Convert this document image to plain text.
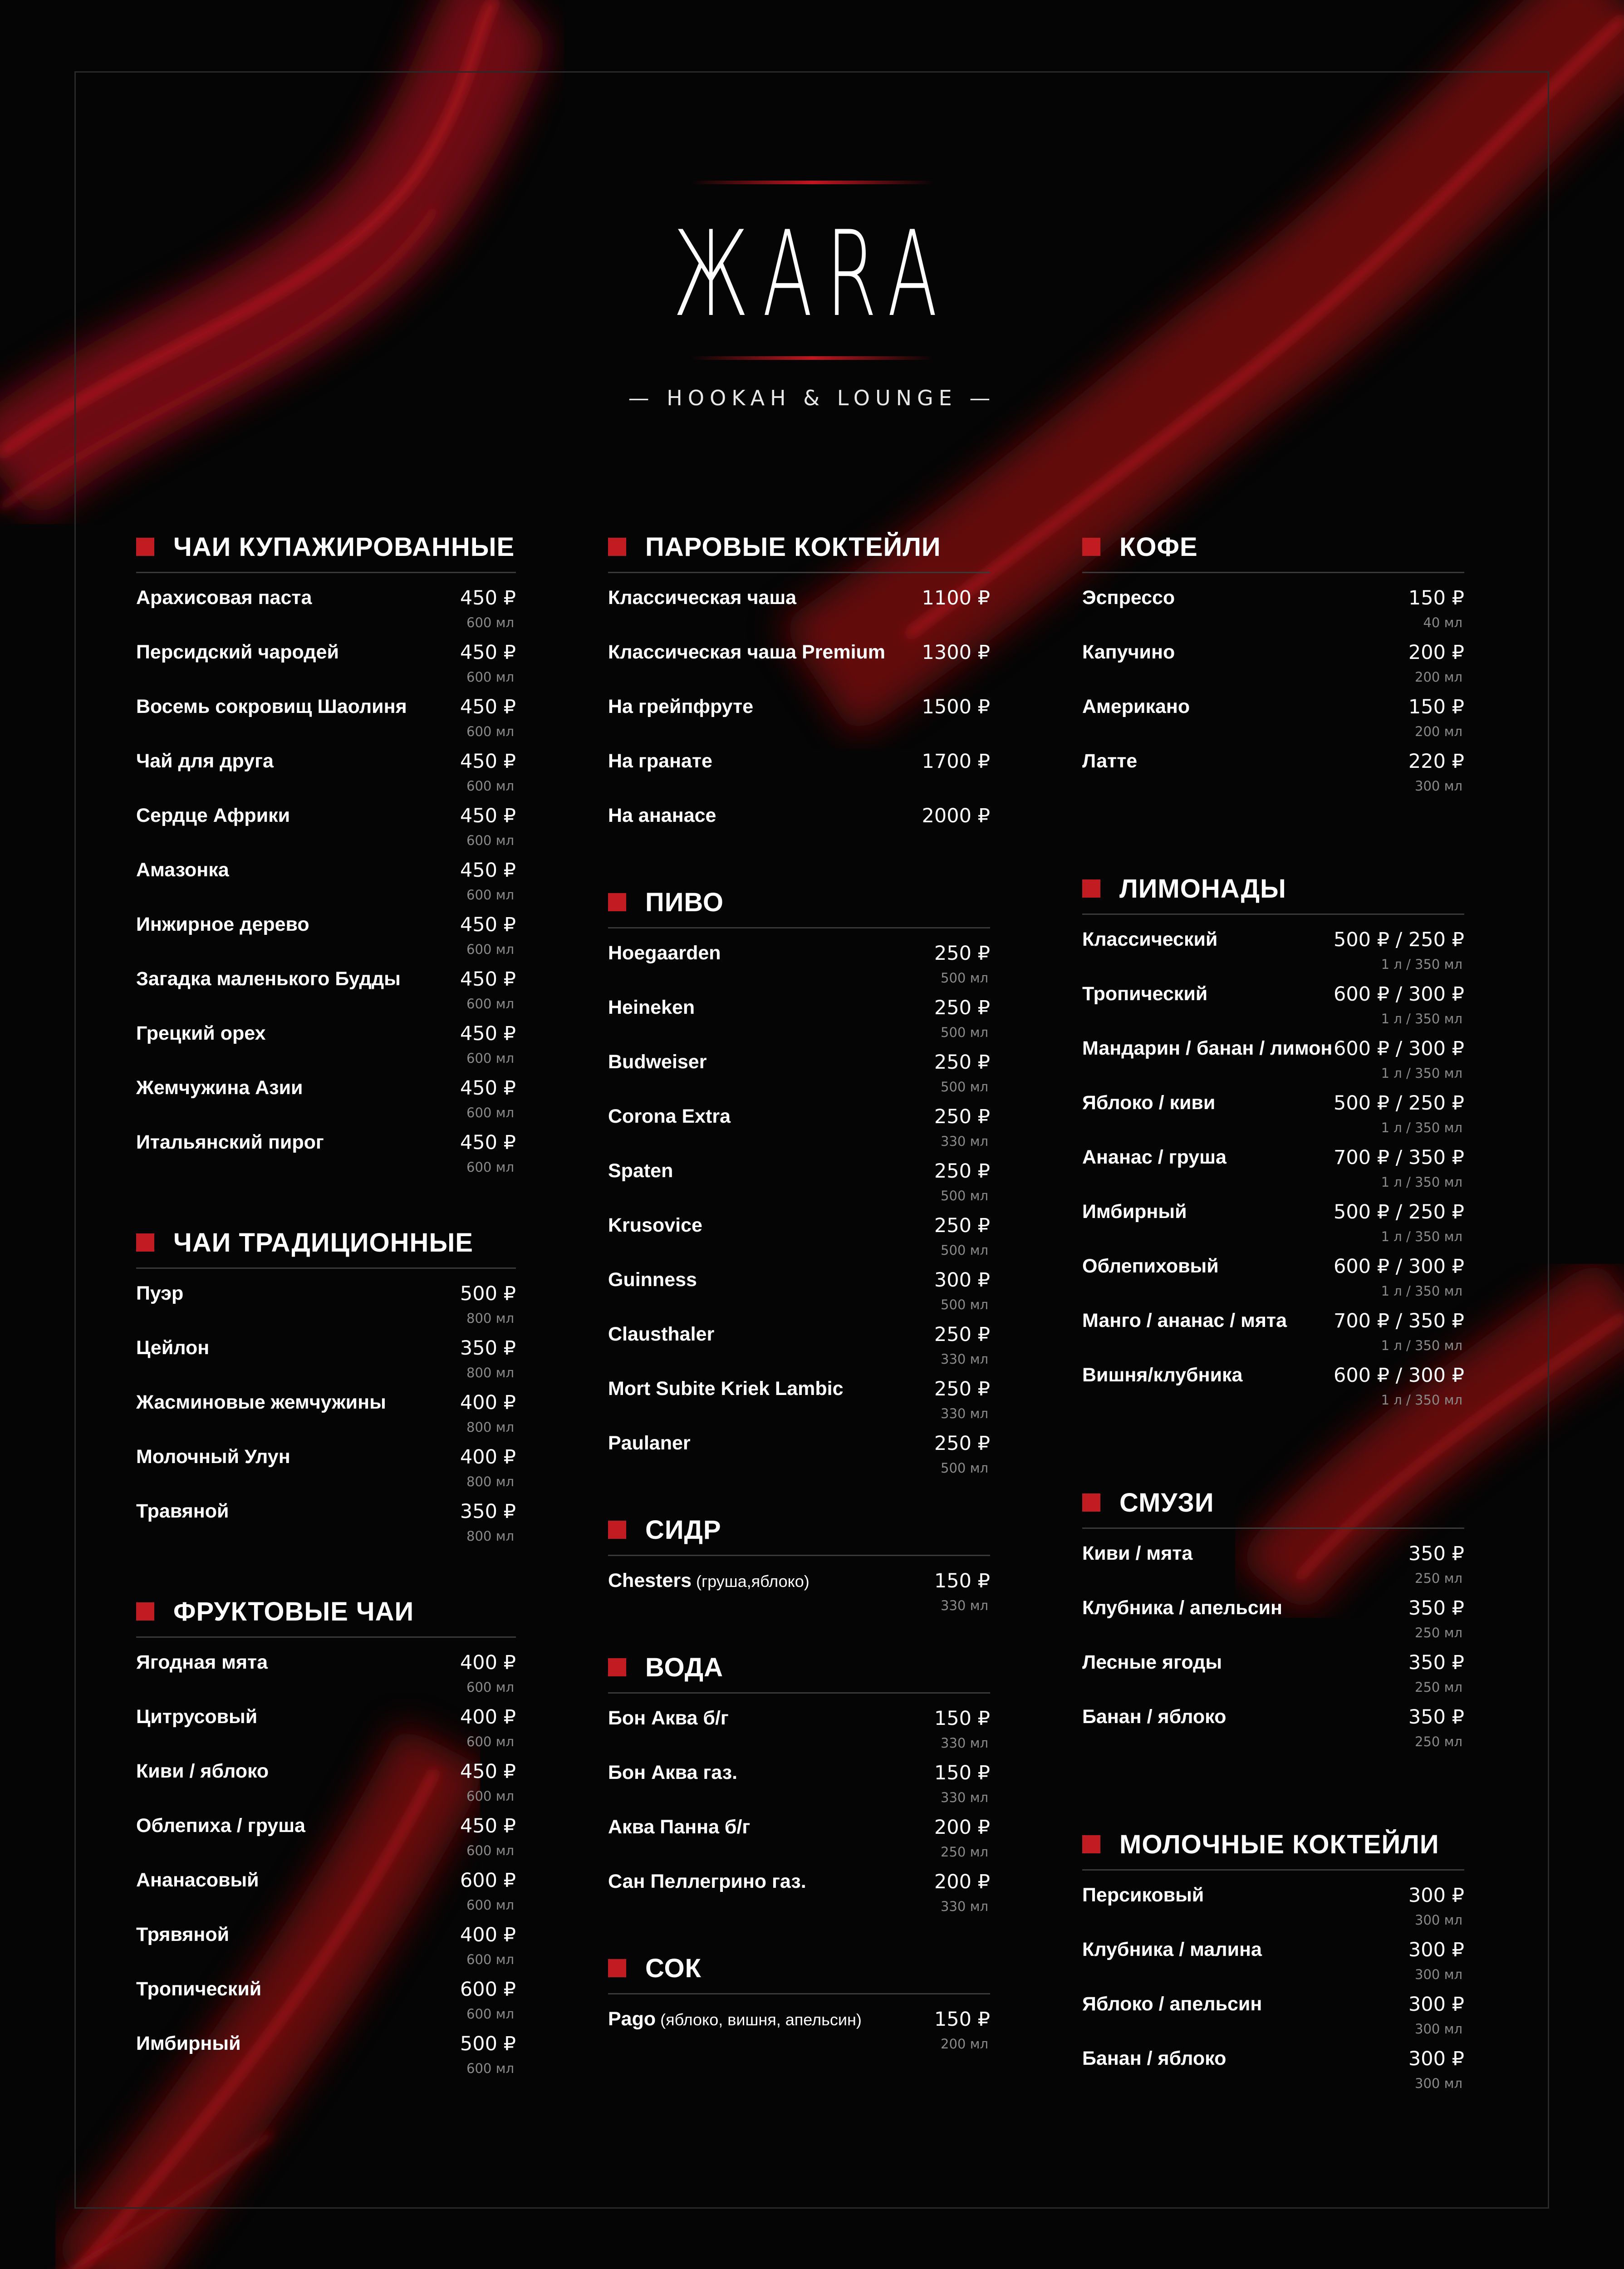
ЖARA
— HOOKAH & LOUNGE —
ЧАИ КУПАЖИРОВАННЫЕ
Арахисовая паста	450 ₽
600 мл
Персидский чародей	450 ₽
600 мл
Восемь сокровищ Шаолиня	450 ₽
600 мл
Чай для друга	450 ₽
600 мл
Сердце Африки	450 ₽
600 мл
Амазонка	450 ₽
600 мл
Инжирное дерево	450 ₽
600 мл
Загадка маленького Будды	450 ₽
600 мл
Грецкий орех	450 ₽
600 мл
Жемчужина Азии	450 ₽
600 мл
Итальянский пирог	450 ₽
600 мл
ЧАИ ТРАДИЦИОННЫЕ
Пуэр	500 ₽
800 мл
Цейлон	350 ₽
800 мл
Жасминовые жемчужины	400 ₽
800 мл
Молочный Улун	400 ₽
800 мл
Травяной	350 ₽
800 мл
ФРУКТОВЫЕ ЧАИ
Ягодная мята	400 ₽
600 мл
Цитрусовый	400 ₽
600 мл
Киви / яблоко	450 ₽
600 мл
Облепиха / груша	450 ₽
600 мл
Ананасовый	600 ₽
600 мл
Трявяной	400 ₽
600 мл
Тропический	600 ₽
600 мл
Имбирный	500 ₽
600 мл
ПАРОВЫЕ КОКТЕЙЛИ
Классическая чаша	1100 ₽
Классическая чаша Premium 1300 ₽
На грейпфруте	1500 ₽
На гранате	1700 ₽
На ананасе	2000 ₽
ПИВО
Hoegaarden	250 ₽
500 мл
Heineken	250 ₽
500 мл
Budweiser	250 ₽
500 мл
Corona Extra	250 ₽
330 мл
Spaten	250 ₽
500 мл
Krusovice	250 ₽
500 мл
Guinness	300 ₽
500 мл
Clausthaler	250 ₽
330 мл
Mort Subite Kriek Lambic	250 ₽
330 мл
Paulaner	250 ₽
500 мл
СИДР
Chesters (груша,яблоко)	150 ₽
330 мл
ВОДА
Бон Аква б/г	150 ₽
330 мл
Бон Аква газ.	150 ₽
330 мл
Аква Панна б/г	200 ₽
250 мл
Сан Пеллегрино газ.	200 ₽
330 мл
СОК
Pago (яблоко, вишня, апельсин)	150 ₽
200 мл
КОФЕ
Эспрессо	150 ₽
40 мл
Капучино	200 ₽
200 мл
Американо	150 ₽
200 мл
Латте	220 ₽
300 мл
ЛИМОНАДЫ
Классический	500 ₽ / 250 ₽
1 л / 350 мл
Тропический	600 ₽ / 300 ₽
1 л / 350 мл
Мандарин / банан / лимон 600 ₽ / 300 ₽
1 л / 350 мл
Яблоко / киви	500 ₽ / 250 ₽
1 л / 350 мл
Ананас / груша	700 ₽ / 350 ₽
1 л / 350 мл
Имбирный	500 ₽ / 250 ₽
1 л / 350 мл
Облепиховый	600 ₽ / 300 ₽
1 л / 350 мл
Манго / ананас / мята 700 ₽ / 350 ₽
1 л / 350 мл
Вишня/клубника	600 ₽ / 300 ₽
1 л / 350 мл
СМУЗИ
Киви / мята	350 ₽
250 мл
Клубника / апельсин	350 ₽
250 мл
Лесные ягоды	350 ₽
250 мл
Банан / яблоко	350 ₽
250 мл
МОЛОЧНЫЕ КОКТЕЙЛИ
Персиковый	300 ₽
300 мл
Клубника / малина	300 ₽
300 мл
Яблоко / апельсин	300 ₽
300 мл
Банан / яблоко	300 ₽
300 мл
